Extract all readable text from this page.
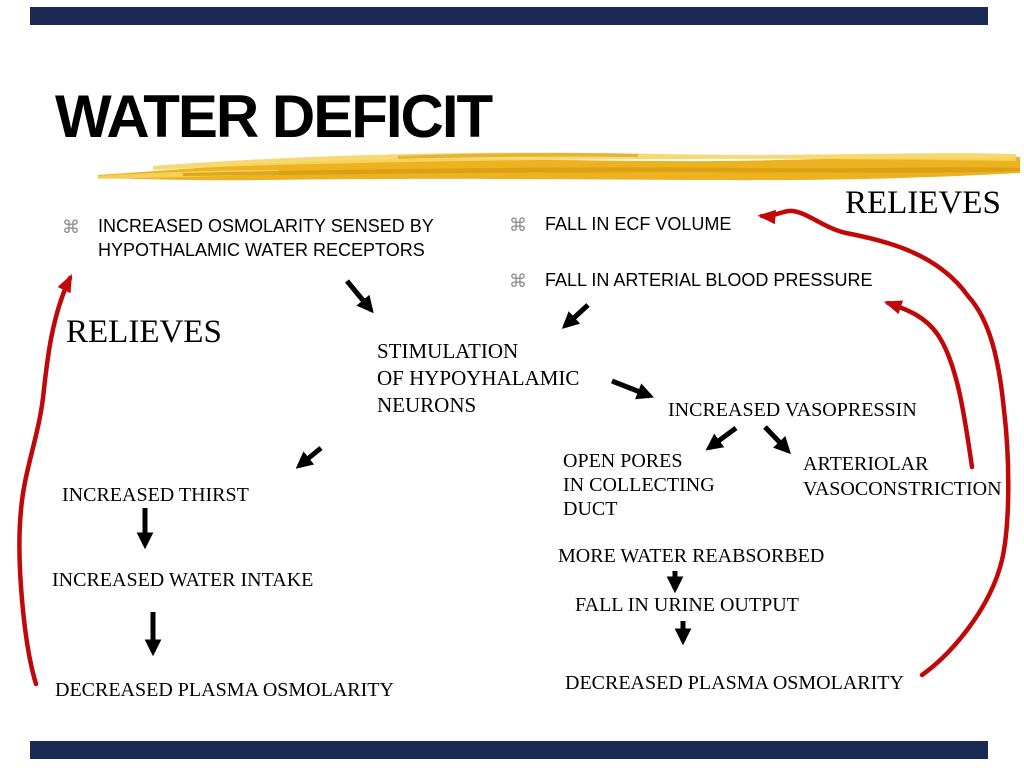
WATER DEFICIT
RELIEVES
RELIEVES
⌘ INCREASED OSMOLARITY SENSED BY
HYPOTHALAMIC WATER RECEPTORS
⌘ FALL IN ECF VOLUME
⌘ FALL IN ARTERIAL BLOOD PRESSURE
STIMULATION
OF HYPOYHALAMIC
NEURONS	INCREASED VASOPRESSIN
OPEN PORES
IN COLLECTING
DUCT
ARTERIOLAR
VASOCONSTRICTION
MORE WATER REABSORBED
FALL IN URINE OUTPUT
DECREASED PLASMA OSMOLARITY
INCREASED THIRST
INCREASED WATER INTAKE
DECREASED PLASMA OSMOLARITY
